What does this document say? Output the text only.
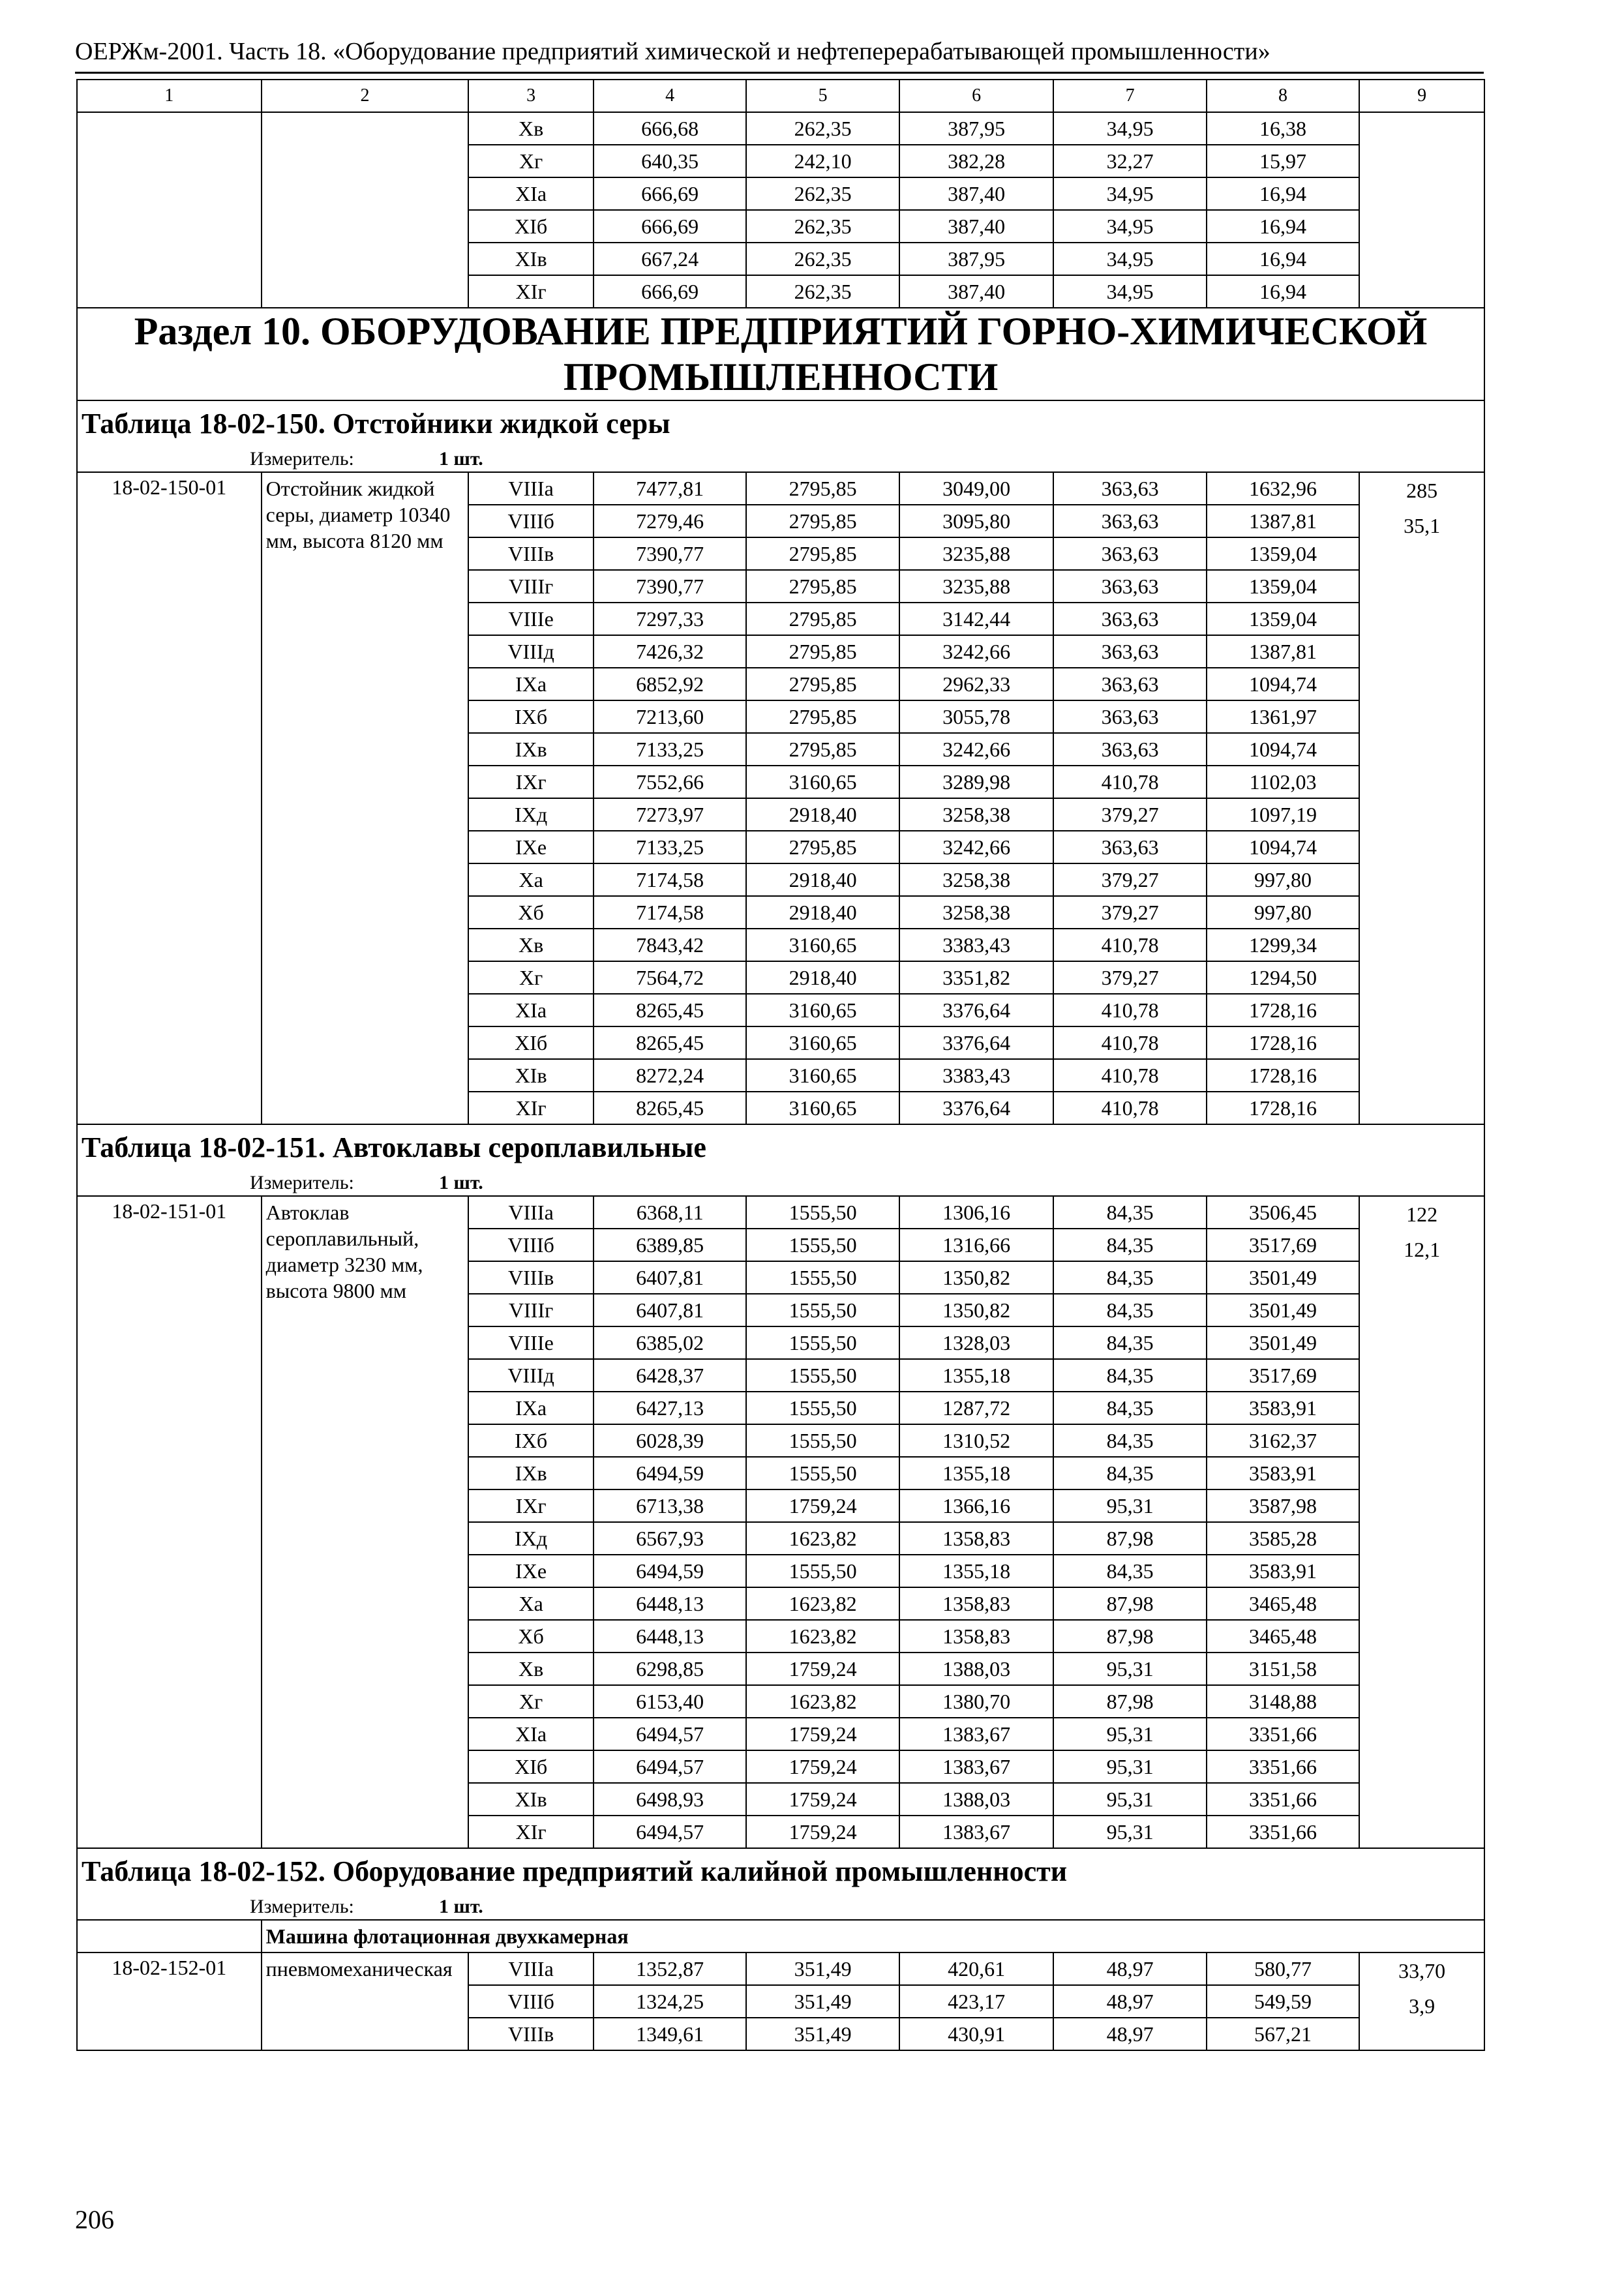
ОЕРЖм-2001. Часть 18. «Оборудование предприятий химической и нефтеперерабатывающей промышленности»
1	2	3	4	5	6	7	8	9
		Хв	666,68	262,35	387,95	34,95	16,38	
		Хг	640,35	242,10	382,28	32,27	15,97	
		ХIа	666,69	262,35	387,40	34,95	16,94	
		ХIб	666,69	262,35	387,40	34,95	16,94	
		ХIв	667,24	262,35	387,95	34,95	16,94	
		ХIг	666,69	262,35	387,40	34,95	16,94	
Раздел 10. ОБОРУДОВАНИЕ ПРЕДПРИЯТИЙ ГОРНО-ХИМИЧЕСКОЙ ПРОМЫШЛЕННОСТИ								
Таблица 18-02-150. Отстойники жидкой серы								
Измеритель: 1 шт.								
18-02-150-01	Отстойник жидкой серы, диаметр 10340 мм, высота 8120 мм	VIIIа	7477,81	2795,85	3049,00	363,63	1632,96	285
35,1

		VIIIб	7279,46	2795,85	3095,80	363,63	1387,81	
		VIIIв	7390,77	2795,85	3235,88	363,63	1359,04	
		VIIIг	7390,77	2795,85	3235,88	363,63	1359,04	
		VIIIе	7297,33	2795,85	3142,44	363,63	1359,04	
		VIIIд	7426,32	2795,85	3242,66	363,63	1387,81	
		IXа	6852,92	2795,85	2962,33	363,63	1094,74	
		IXб	7213,60	2795,85	3055,78	363,63	1361,97	
		IXв	7133,25	2795,85	3242,66	363,63	1094,74	
		IXг	7552,66	3160,65	3289,98	410,78	1102,03	
		IXд	7273,97	2918,40	3258,38	379,27	1097,19	
		IXе	7133,25	2795,85	3242,66	363,63	1094,74	
		Ха	7174,58	2918,40	3258,38	379,27	997,80	
		Хб	7174,58	2918,40	3258,38	379,27	997,80	
		Хв	7843,42	3160,65	3383,43	410,78	1299,34	
		Хг	7564,72	2918,40	3351,82	379,27	1294,50	
		ХIа	8265,45	3160,65	3376,64	410,78	1728,16	
		ХIб	8265,45	3160,65	3376,64	410,78	1728,16	
		ХIв	8272,24	3160,65	3383,43	410,78	1728,16	
		ХIг	8265,45	3160,65	3376,64	410,78	1728,16	
Таблица 18-02-151. Автоклавы сероплавильные								
Измеритель: 1 шт.								
18-02-151-01	Автоклав сероплавильный, диаметр 3230 мм, высота 9800 мм	VIIIа	6368,11	1555,50	1306,16	84,35	3506,45	122
12,1

		VIIIб	6389,85	1555,50	1316,66	84,35	3517,69	
		VIIIв	6407,81	1555,50	1350,82	84,35	3501,49	
		VIIIг	6407,81	1555,50	1350,82	84,35	3501,49	
		VIIIе	6385,02	1555,50	1328,03	84,35	3501,49	
		VIIIд	6428,37	1555,50	1355,18	84,35	3517,69	
		IXа	6427,13	1555,50	1287,72	84,35	3583,91	
		IXб	6028,39	1555,50	1310,52	84,35	3162,37	
		IXв	6494,59	1555,50	1355,18	84,35	3583,91	
		IXг	6713,38	1759,24	1366,16	95,31	3587,98	
		IXд	6567,93	1623,82	1358,83	87,98	3585,28	
		IXе	6494,59	1555,50	1355,18	84,35	3583,91	
		Ха	6448,13	1623,82	1358,83	87,98	3465,48	
		Хб	6448,13	1623,82	1358,83	87,98	3465,48	
		Хв	6298,85	1759,24	1388,03	95,31	3151,58	
		Хг	6153,40	1623,82	1380,70	87,98	3148,88	
		ХIа	6494,57	1759,24	1383,67	95,31	3351,66	
		ХIб	6494,57	1759,24	1383,67	95,31	3351,66	
		ХIв	6498,93	1759,24	1388,03	95,31	3351,66	
		ХIг	6494,57	1759,24	1383,67	95,31	3351,66	
Таблица 18-02-152. Оборудование предприятий калийной промышленности								
Измеритель: 1 шт.								
	Машина флотационная двухкамерная							
18-02-152-01	пневмомеханическая	VIIIа	1352,87	351,49	420,61	48,97	580,77	33,70
3,9

		VIIIб	1324,25	351,49	423,17	48,97	549,59	
		VIIIв	1349,61	351,49	430,91	48,97	567,21	
206
